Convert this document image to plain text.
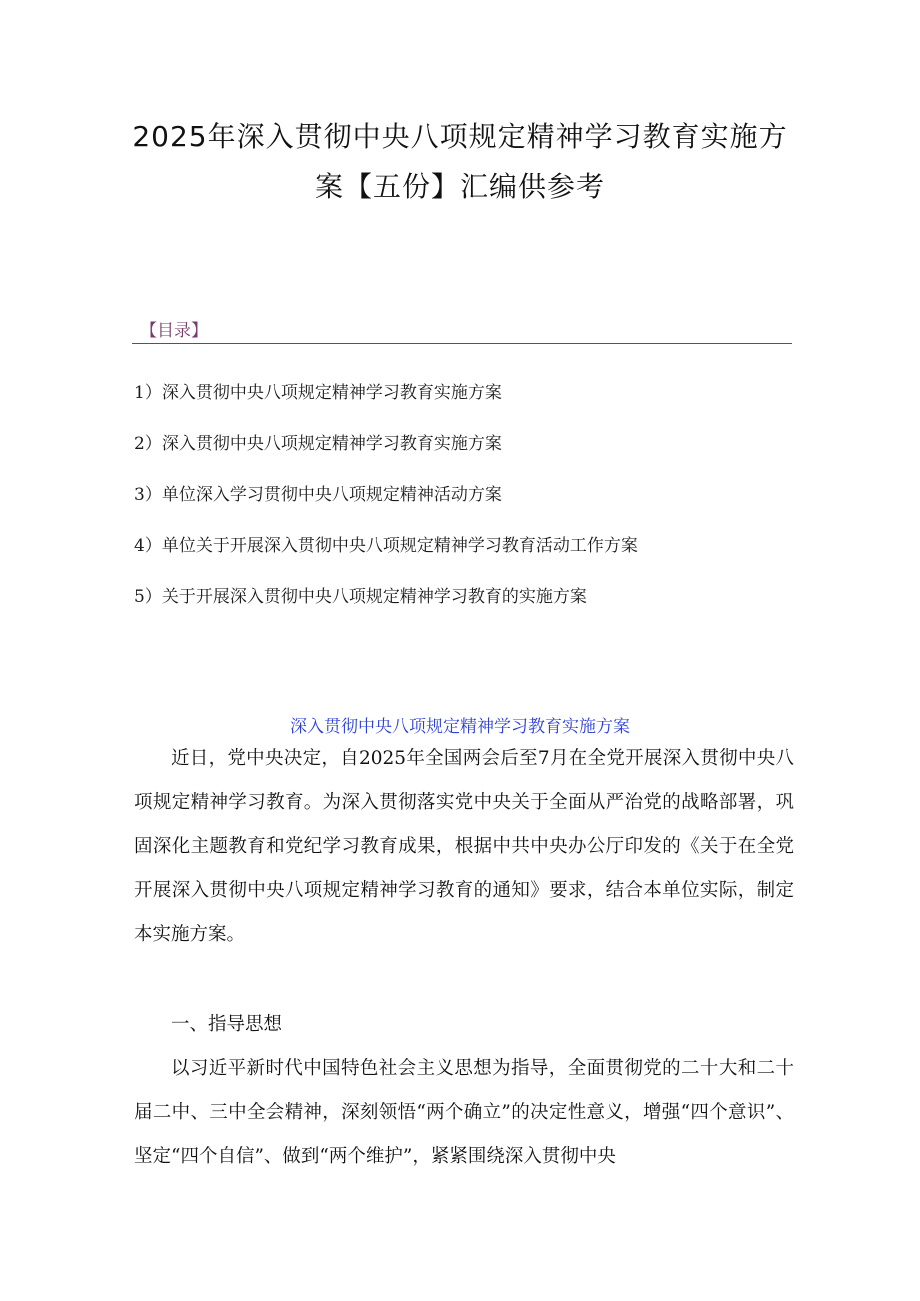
2025年深入贯彻中央八项规定精神学习教育实施方案【五份】汇编供参考
【目录】
1）深入贯彻中央八项规定精神学习教育实施方案
2）深入贯彻中央八项规定精神学习教育实施方案
3）单位深入学习贯彻中央八项规定精神活动方案
4）单位关于开展深入贯彻中央八项规定精神学习教育活动工作方案
5）关于开展深入贯彻中央八项规定精神学习教育的实施方案
深入贯彻中央八项规定精神学习教育实施方案

近日，党中央决定，自2025年全国两会后至7月在全党开展深入贯彻中央八项规定精神学习教育。为深入贯彻落实党中央关于全面从严治党的战略部署，巩固深化主题教育和党纪学习教育成果，根据中共中央办公厅印发的《关于在全党开展深入贯彻中央八项规定精神学习教育的通知》要求，结合本单位实际，制定本实施方案。

一、指导思想

以习近平新时代中国特色社会主义思想为指导，全面贯彻党的二十大和二十届二中、三中全会精神，深刻领悟“两个确立”的决定性意义，增强“四个意识”、坚定“四个自信”、做到“两个维护”，紧紧围绕深入贯彻中央
